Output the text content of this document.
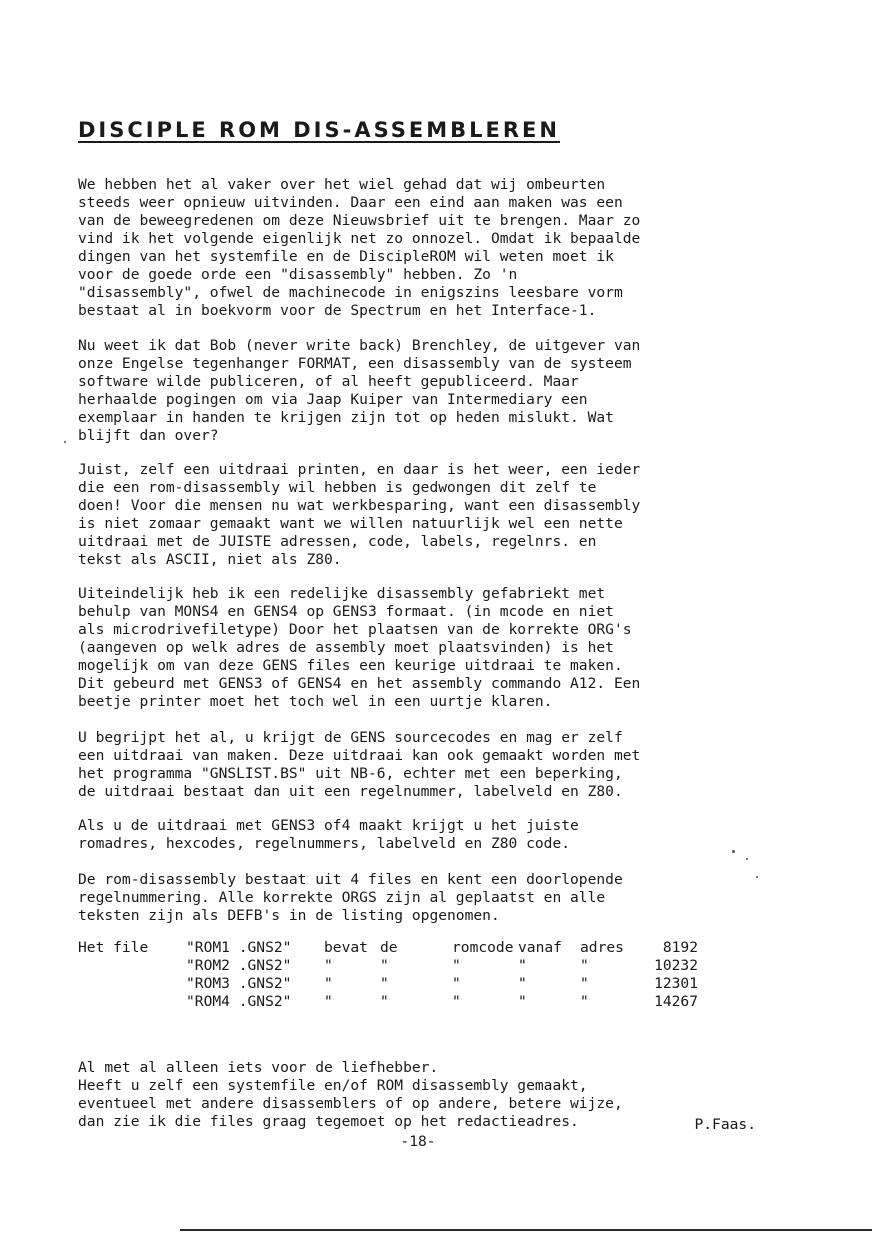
DISCIPLE ROM DIS-ASSEMBLEREN
We hebben het al vaker over het wiel gehad dat wij ombeurten
steeds weer opnieuw uitvinden. Daar een eind aan maken was een
van de beweegredenen om deze Nieuwsbrief uit te brengen. Maar zo
vind ik het volgende eigenlijk net zo onnozel. Omdat ik bepaalde
dingen van het systemfile en de DiscipleROM wil weten moet ik
voor de goede orde een "disassembly" hebben. Zo 'n
"disassembly", ofwel de machinecode in enigszins leesbare vorm
bestaat al in boekvorm voor de Spectrum en het Interface-1.
Nu weet ik dat Bob (never write back) Brenchley, de uitgever van
onze Engelse tegenhanger FORMAT, een disassembly van de systeem
software wilde publiceren, of al heeft gepubliceerd. Maar
herhaalde pogingen om via Jaap Kuiper van Intermediary een
exemplaar in handen te krijgen zijn tot op heden mislukt. Wat
blijft dan over?
Juist, zelf een uitdraai printen, en daar is het weer, een ieder
die een rom-disassembly wil hebben is gedwongen dit zelf te
doen! Voor die mensen nu wat werkbesparing, want een disassembly
is niet zomaar gemaakt want we willen natuurlijk wel een nette
uitdraai met de JUISTE adressen, code, labels, regelnrs. en
tekst als ASCII, niet als Z80.
Uiteindelijk heb ik een redelijke disassembly gefabriekt met
behulp van MONS4 en GENS4 op GENS3 formaat. (in mcode en niet
als microdrivefiletype) Door het plaatsen van de korrekte ORG's
(aangeven op welk adres de assembly moet plaatsvinden) is het
mogelijk om van deze GENS files een keurige uitdraai te maken.
Dit gebeurd met GENS3 of GENS4 en het assembly commando A12. Een
beetje printer moet het toch wel in een uurtje klaren.
U begrijpt het al, u krijgt de GENS sourcecodes en mag er zelf
een uitdraai van maken. Deze uitdraai kan ook gemaakt worden met
het programma "GNSLIST.BS" uit NB-6, echter met een beperking,
de uitdraai bestaat dan uit een regelnummer, labelveld en Z80.
Als u de uitdraai met GENS3 of4 maakt krijgt u het juiste
romadres, hexcodes, regelnummers, labelveld en Z80 code.
De rom-disassembly bestaat uit 4 files en kent een doorlopende
regelnummering. Alle korrekte ORGS zijn al geplaatst en alle
teksten zijn als DEFB's in de listing opgenomen.
Het file	"ROM1 .GNS2"	bevat	de	romcode	vanaf	adres	8192
	"ROM2 .GNS2"	"	"	"	"	"	10232
	"ROM3 .GNS2"	"	"	"	"	"	12301
	"ROM4 .GNS2"	"	"	"	"	"	14267
Al met al alleen iets voor de liefhebber.
Heeft u zelf een systemfile en/of ROM disassembly gemaakt,
eventueel met andere disassemblers of op andere, betere wijze,
dan zie ik die files graag tegemoet op het redactieadres.	P.Faas.
-18-
